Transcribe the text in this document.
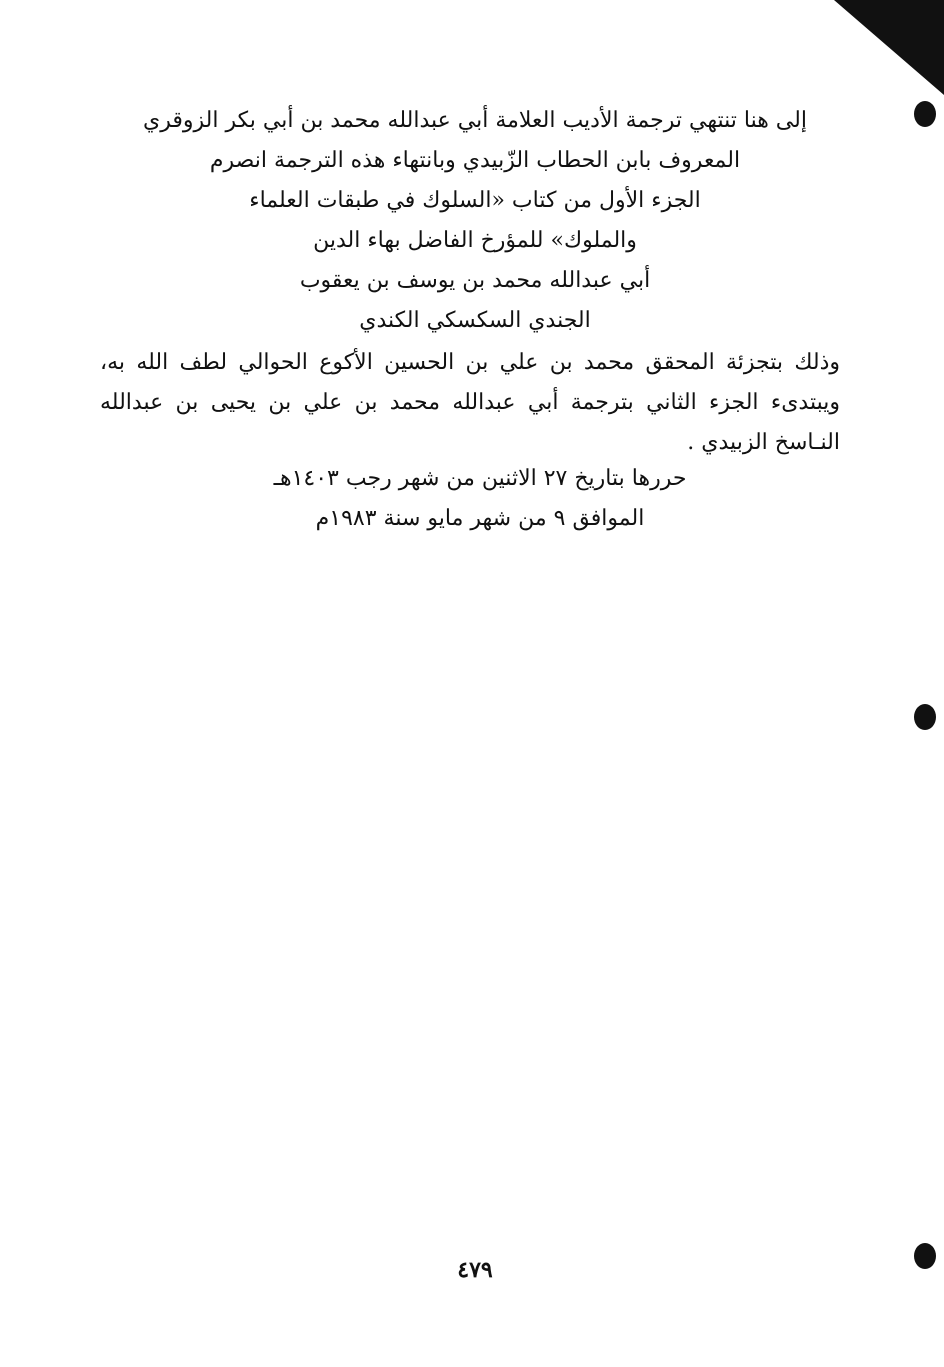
إلى هنا تنتهي ترجمة الأديب العلامة أبي عبدالله محمد بن أبي بكر الزوقري
المعروف بابن الحطاب الزّبيدي وبانتهاء هذه الترجمة انصرم
الجزء الأول من كتاب «السلوك في طبقات العلماء
والملوك» للمؤرخ الفاضل بهاء الدين
أبي عبدالله محمد بن يوسف بن يعقوب
الجندي السكسكي الكندي
وذلك بتجزئة المحقق محمد بن علي بن الحسين الأكوع الحوالي لطف الله به، ويبتدىء الجزء الثاني بترجمة أبي عبدالله محمد بن علي بن يحيى بن عبدالله النـاسخ الزبيدي .
حررها بتاريخ ٢٧ الاثنين من شهر رجب ١٤٠٣هـ
الموافق ٩ من شهر مايو سنة ١٩٨٣م
٤٧٩
